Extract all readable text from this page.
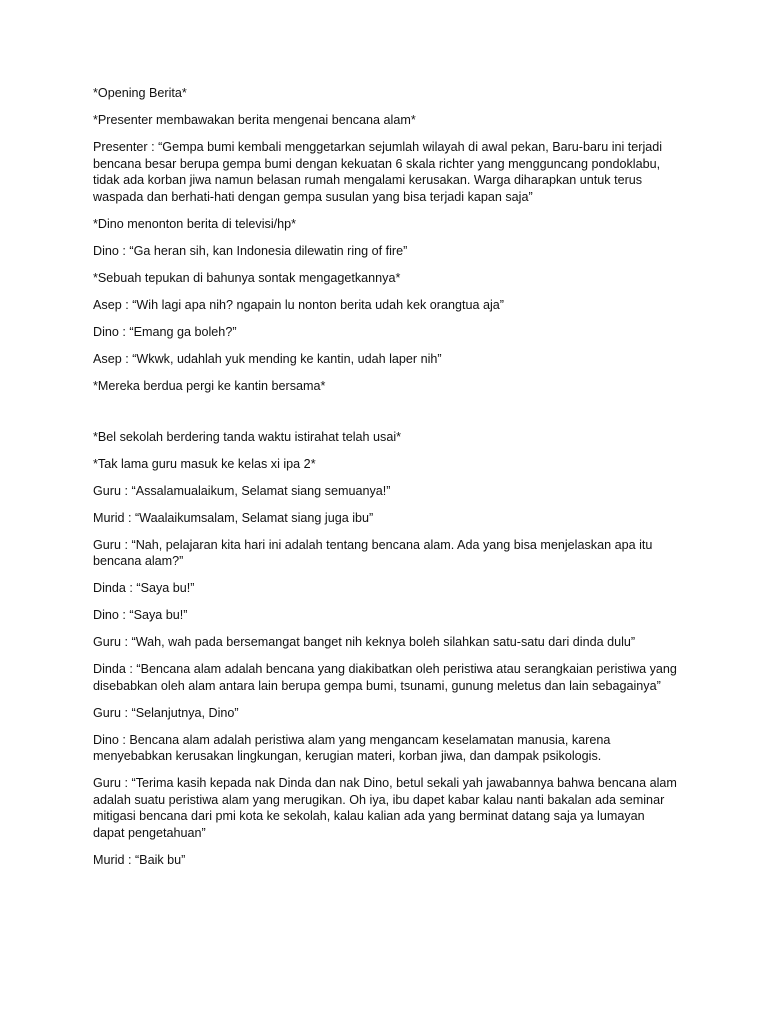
*Opening Berita*

*Presenter membawakan berita mengenai bencana alam*

Presenter : “Gempa bumi kembali menggetarkan sejumlah wilayah di awal pekan, Baru-baru ini terjadi bencana besar berupa gempa bumi dengan kekuatan 6 skala richter yang mengguncang pondoklabu, tidak ada korban jiwa namun belasan rumah mengalami kerusakan. Warga diharapkan untuk terus waspada dan berhati-hati dengan gempa susulan yang bisa terjadi kapan saja”

*Dino menonton berita di televisi/hp*

Dino : “Ga heran sih, kan Indonesia dilewatin ring of fire”

*Sebuah tepukan di bahunya sontak mengagetkannya*

Asep : “Wih lagi apa nih? ngapain lu nonton berita udah kek orangtua aja”

Dino : “Emang ga boleh?”

Asep : “Wkwk, udahlah yuk mending ke kantin, udah laper nih”

*Mereka berdua pergi ke kantin bersama*

*Bel sekolah berdering tanda waktu istirahat telah usai*

*Tak lama guru masuk ke kelas xi ipa 2*

Guru : “Assalamualaikum, Selamat siang semuanya!”

Murid : “Waalaikumsalam, Selamat siang juga ibu”

Guru : “Nah, pelajaran kita hari ini adalah tentang bencana alam. Ada yang bisa menjelaskan apa itu bencana alam?”

Dinda : “Saya bu!”

Dino : “Saya bu!”

Guru : “Wah, wah pada bersemangat banget nih keknya boleh silahkan satu-satu dari dinda dulu”

Dinda : “Bencana alam adalah bencana yang diakibatkan oleh peristiwa atau serangkaian peristiwa yang disebabkan oleh alam antara lain berupa gempa bumi, tsunami, gunung meletus dan lain sebagainya”

Guru : “Selanjutnya, Dino”

Dino : Bencana alam adalah peristiwa alam yang mengancam keselamatan manusia, karena menyebabkan kerusakan lingkungan, kerugian materi, korban jiwa, dan dampak psikologis.

Guru : “Terima kasih kepada nak Dinda dan nak Dino, betul sekali yah jawabannya bahwa bencana alam adalah suatu peristiwa alam yang merugikan. Oh iya, ibu dapet kabar kalau nanti bakalan ada seminar mitigasi bencana dari pmi kota ke sekolah, kalau kalian ada yang berminat datang saja ya lumayan dapat pengetahuan”

Murid : “Baik bu”
